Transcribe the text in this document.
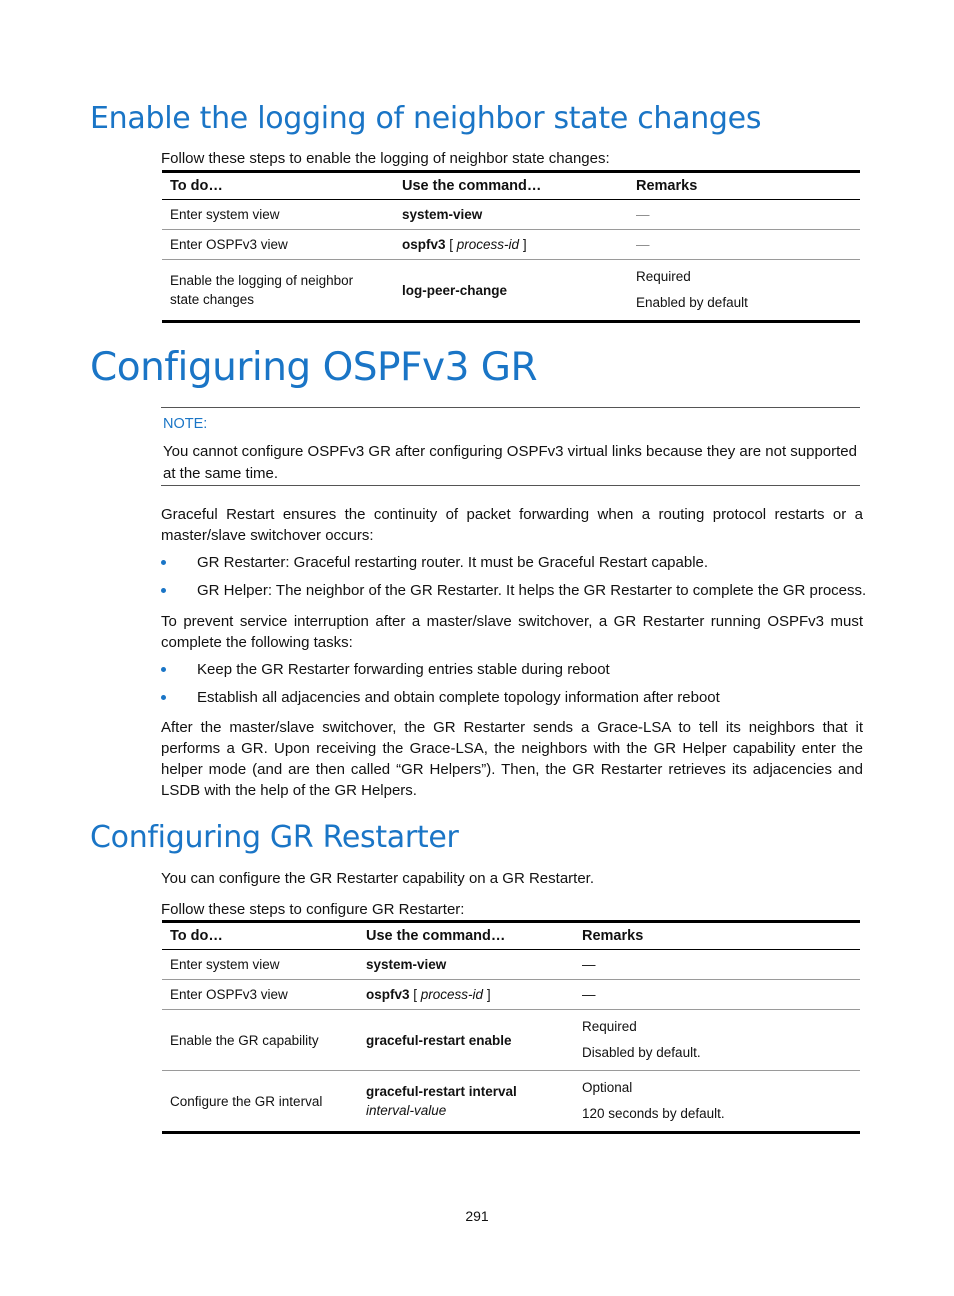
Enable the logging of neighbor state changes

Follow these steps to enable the logging of neighbor state changes:

To do…	Use the command…	Remarks
Enter system view	system-view	—
Enter OSPFv3 view	ospfv3 [ process-id ]	—
Enable the logging of neighbor state changes	log-peer-change	Required
Enabled by default
Configuring OSPFv3 GR
NOTE:
You cannot configure OSPFv3 GR after configuring OSPFv3 virtual links because they are not supported at the same time.

Graceful Restart ensures the continuity of packet forwarding when a routing protocol restarts or a master/slave switchover occurs:

GR Restarter: Graceful restarting router. It must be Graceful Restart capable.
GR Helper: The neighbor of the GR Restarter. It helps the GR Restarter to complete the GR process.

To prevent service interruption after a master/slave switchover, a GR Restarter running OSPFv3 must complete the following tasks:

Keep the GR Restarter forwarding entries stable during reboot
Establish all adjacencies and obtain complete topology information after reboot

After the master/slave switchover, the GR Restarter sends a Grace-LSA to tell its neighbors that it performs a GR. Upon receiving the Grace-LSA, the neighbors with the GR Helper capability enter the helper mode (and are then called “GR Helpers”). Then, the GR Restarter retrieves its adjacencies and LSDB with the help of the GR Helpers.

Configuring GR Restarter

You can configure the GR Restarter capability on a GR Restarter.

Follow these steps to configure GR Restarter:

To do…	Use the command…	Remarks
Enter system view	system-view	—
Enter OSPFv3 view	ospfv3 [ process-id ]	—
Enable the GR capability	graceful-restart enable	Required
Disabled by default.

Configure the GR interval	graceful-restart interval
interval-value	Optional
120 seconds by default.
291
